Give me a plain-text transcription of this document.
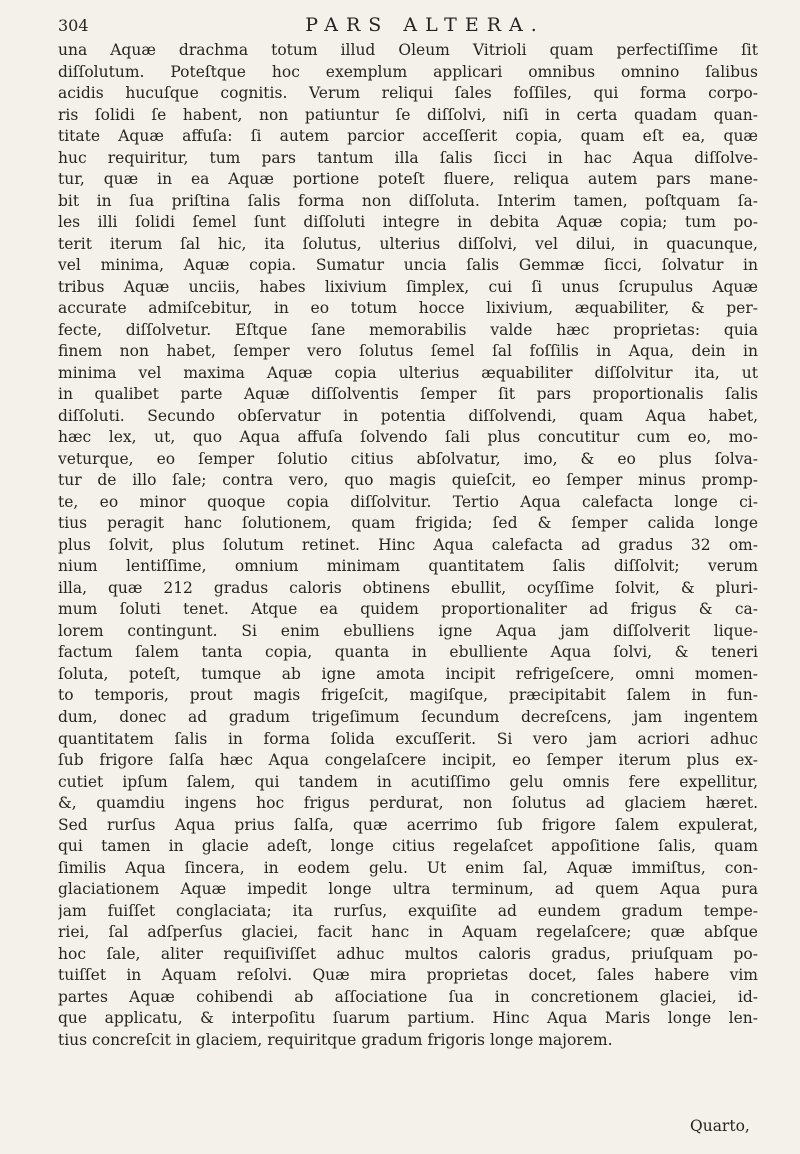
304	PARS ALTERA.
una Aquæ drachma totum illud Oleum Vitrioli quam perfectiſſime ſit
diſſolutum. Poteſtque hoc exemplum applicari omnibus omnino ſalibus
acidis hucuſque cognitis. Verum reliqui ſales foſſiles, qui forma corpo-
ris ſolidi ſe habent, non patiuntur ſe diſſolvi, niſi in certa quadam quan-
titate Aquæ affuſa: ſi autem parcior acceſſerit copia, quam eſt ea, quæ
huc requiritur, tum pars tantum illa ſalis ſicci in hac Aqua diſſolve-
tur, quæ in ea Aquæ portione poteſt fluere, reliqua autem pars mane-
bit in ſua priſtina ſalis forma non diſſoluta. Interim tamen, poſtquam ſa-
les illi ſolidi ſemel ſunt diſſoluti integre in debita Aquæ copia; tum po-
terit iterum ſal hic, ita ſolutus, ulterius diſſolvi, vel dilui, in quacunque,
vel minima, Aquæ copia. Sumatur uncia ſalis Gemmæ ſicci, ſolvatur in
tribus Aquæ unciis, habes lixivium ſimplex, cui ſi unus ſcrupulus Aquæ
accurate admiſcebitur, in eo totum hocce lixivium, æquabiliter, & per-
fecte, diſſolvetur. Eſtque ſane memorabilis valde hæc proprietas: quia
finem non habet, ſemper vero ſolutus ſemel ſal foſſilis in Aqua, dein in
minima vel maxima Aquæ copia ulterius æquabiliter diſſolvitur ita, ut
in qualibet parte Aquæ diſſolventis ſemper ſit pars proportionalis ſalis
diſſoluti. Secundo obſervatur in potentia diſſolvendi, quam Aqua habet,
hæc lex, ut, quo Aqua affuſa ſolvendo ſali plus concutitur cum eo, mo-
veturque, eo ſemper ſolutio citius abſolvatur, imo, & eo plus ſolva-
tur de illo ſale; contra vero, quo magis quieſcit, eo ſemper minus promp-
te, eo minor quoque copia diſſolvitur. Tertio Aqua calefacta longe ci-
tius peragit hanc ſolutionem, quam frigida; ſed & ſemper calida longe
plus ſolvit, plus ſolutum retinet. Hinc Aqua calefacta ad gradus 32 om-
nium lentiſſime, omnium minimam quantitatem ſalis diſſolvit; verum
illa, quæ 212 gradus caloris obtinens ebullit, ocyſſime ſolvit, & pluri-
mum ſoluti tenet. Atque ea quidem proportionaliter ad frigus & ca-
lorem contingunt. Si enim ebulliens igne Aqua jam diſſolverit lique-
factum ſalem tanta copia, quanta in ebulliente Aqua ſolvi, & teneri
ſoluta, poteſt, tumque ab igne amota incipit refrigeſcere, omni momen-
to temporis, prout magis frigeſcit, magiſque, præcipitabit ſalem in fun-
dum, donec ad gradum trigeſimum ſecundum decreſcens, jam ingentem
quantitatem ſalis in forma ſolida excuſſerit. Si vero jam acriori adhuc
ſub frigore ſalſa hæc Aqua congelaſcere incipit, eo ſemper iterum plus ex-
cutiet ipſum ſalem, qui tandem in acutiſſimo gelu omnis fere expellitur,
&, quamdiu ingens hoc frigus perdurat, non ſolutus ad glaciem hæret.
Sed rurſus Aqua prius ſalſa, quæ acerrimo ſub frigore ſalem expulerat,
qui tamen in glacie adeſt, longe citius regelaſcet appoſitione ſalis, quam
ſimilis Aqua ſincera, in eodem gelu. Ut enim ſal, Aquæ immiſtus, con-
glaciationem Aquæ impedit longe ultra terminum, ad quem Aqua pura
jam fuiſſet conglaciata; ita rurſus, exquiſite ad eundem gradum tempe-
riei, ſal adſperſus glaciei, facit hanc in Aquam regelaſcere; quæ abſque
hoc ſale, aliter requiſiviſſet adhuc multos caloris gradus, priuſquam po-
tuiſſet in Aquam reſolvi. Quæ mira proprietas docet, ſales habere vim
partes Aquæ cohibendi ab aſſociatione ſua in concretionem glaciei, id-
que applicatu, & interpoſitu ſuarum partium. Hinc Aqua Maris longe len-
tius concreſcit in glaciem, requiritque gradum frigoris longe majorem.
Quarto,
